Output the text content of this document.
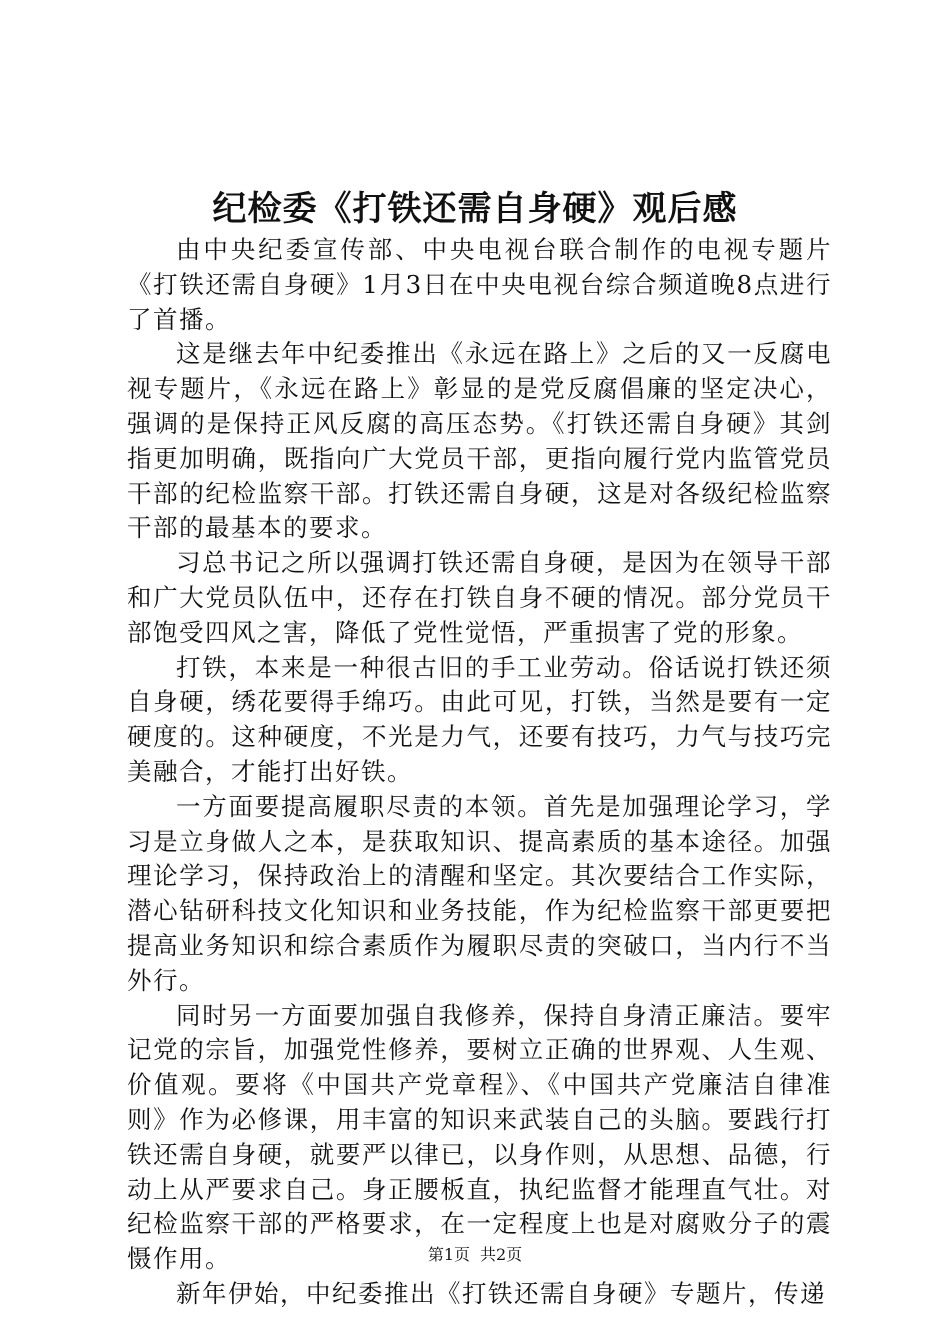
纪检委《打铁还需自身硬》观后感

由中央纪委宣传部、中央电视台联合制作的电视专题片《打铁还需自身硬》1月3日在中央电视台综合频道晚8点进行了首播。

这是继去年中纪委推出《永远在路上》之后的又一反腐电视专题片，《永远在路上》彰显的是党反腐倡廉的坚定决心，强调的是保持正风反腐的高压态势。《打铁还需自身硬》其剑指更加明确，既指向广大党员干部，更指向履行党内监管党员干部的纪检监察干部。打铁还需自身硬，这是对各级纪检监察干部的最基本的要求。

习总书记之所以强调打铁还需自身硬，是因为在领导干部和广大党员队伍中，还存在打铁自身不硬的情况。部分党员干部饱受四风之害，降低了党性觉悟，严重损害了党的形象。

打铁，本来是一种很古旧的手工业劳动。俗话说打铁还须自身硬，绣花要得手绵巧。由此可见，打铁，当然是要有一定硬度的。这种硬度，不光是力气，还要有技巧，力气与技巧完美融合，才能打出好铁。

一方面要提高履职尽责的本领。首先是加强理论学习，学习是立身做人之本，是获取知识、提高素质的基本途径。加强理论学习，保持政治上的清醒和坚定。其次要结合工作实际，潜心钻研科技文化知识和业务技能，作为纪检监察干部更要把提高业务知识和综合素质作为履职尽责的突破口，当内行不当外行。

同时另一方面要加强自我修养，保持自身清正廉洁。要牢记党的宗旨，加强党性修养，要树立正确的世界观、人生观、价值观。要将《中国共产党章程》、《中国共产党廉洁自律准则》作为必修课，用丰富的知识来武装自己的头脑。要践行打铁还需自身硬，就要严以律已，以身作则，从思想、品德，行动上从严要求自己。身正腰板直，执纪监督才能理直气壮。对纪检监察干部的严格要求，在一定程度上也是对腐败分子的震慑作用。

新年伊始，中纪委推出《打铁还需自身硬》专题片，传递

第1页 共2页
